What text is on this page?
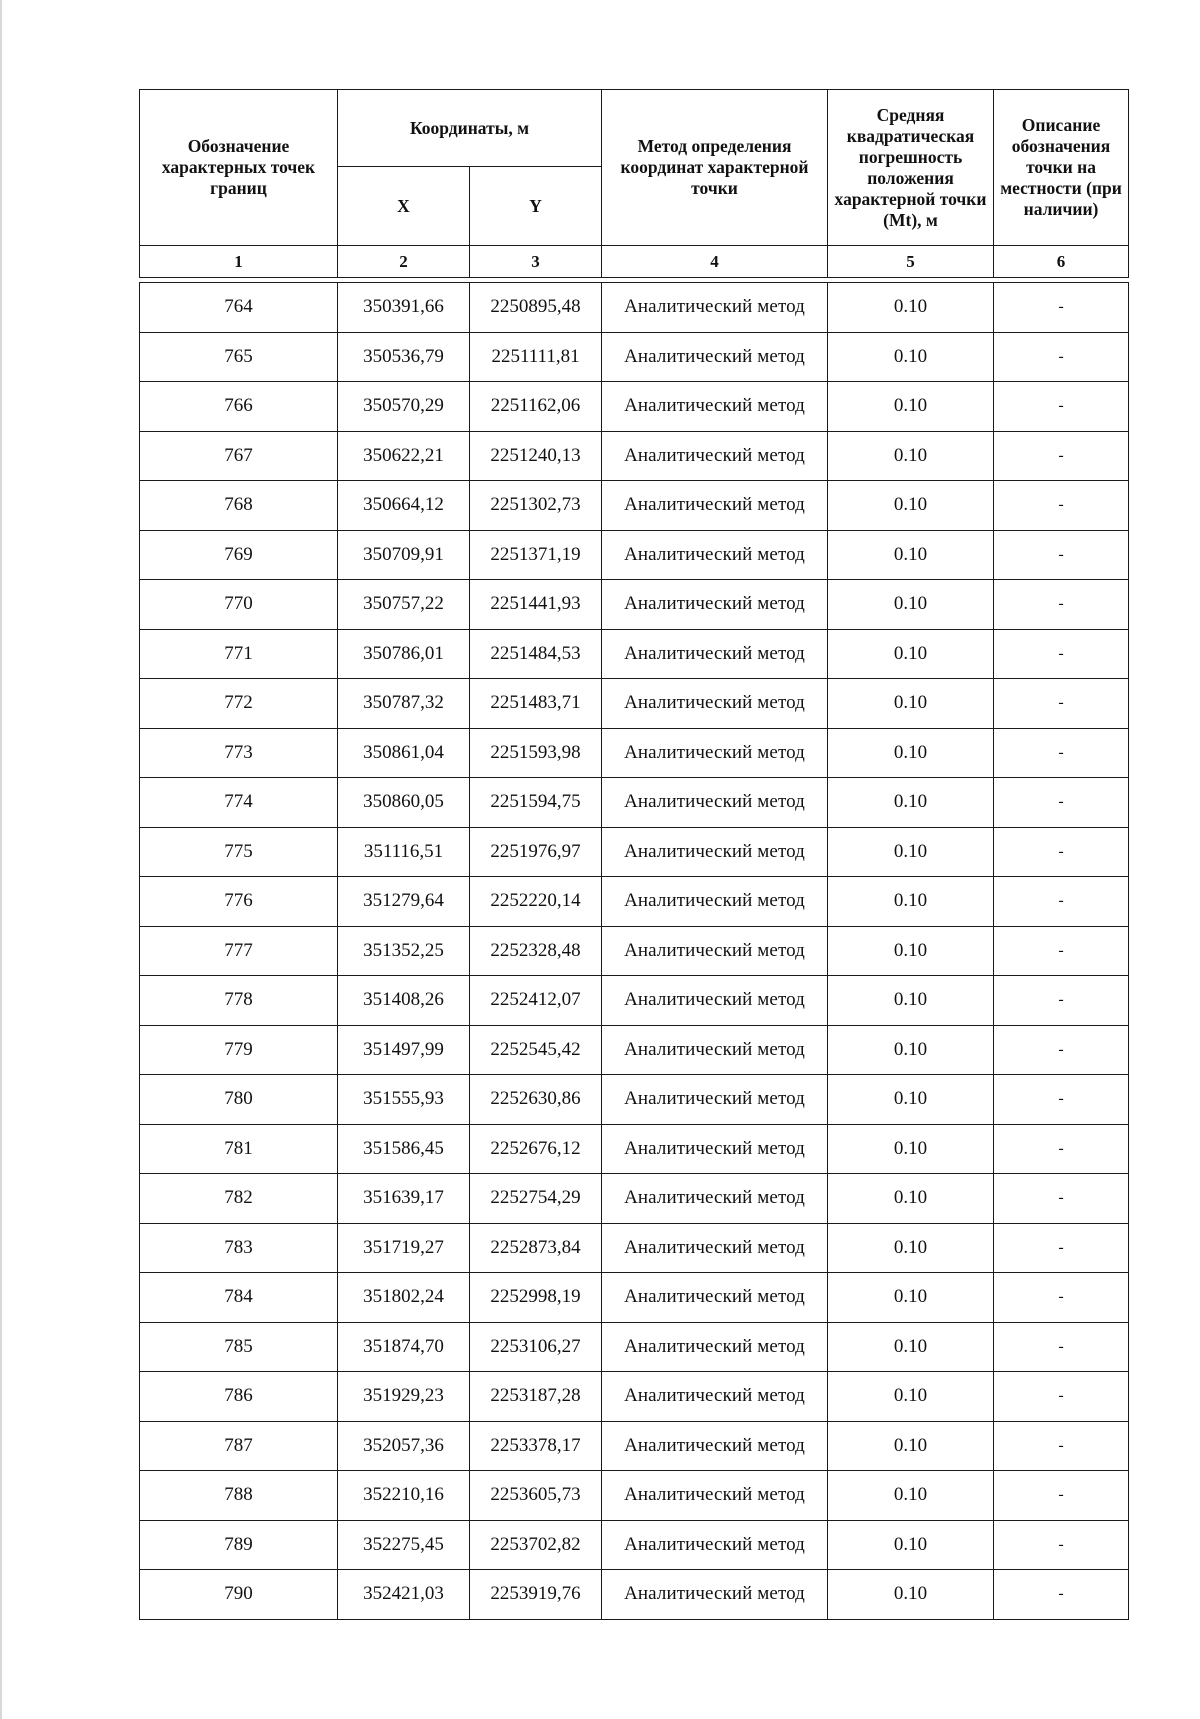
Обозначение характерных точек границ	Координаты, м		Метод определения координат характерной точки	Средняя квадратическая погрешность положения характерной точки (Mt), м	Описание обозначения точки на местности (при наличии)
	X	Y			
1	2	3	4	5	6

764	350391,66	2250895,48	Аналитический метод	0.10	-
765	350536,79	2251111,81	Аналитический метод	0.10	-
766	350570,29	2251162,06	Аналитический метод	0.10	-
767	350622,21	2251240,13	Аналитический метод	0.10	-
768	350664,12	2251302,73	Аналитический метод	0.10	-
769	350709,91	2251371,19	Аналитический метод	0.10	-
770	350757,22	2251441,93	Аналитический метод	0.10	-
771	350786,01	2251484,53	Аналитический метод	0.10	-
772	350787,32	2251483,71	Аналитический метод	0.10	-
773	350861,04	2251593,98	Аналитический метод	0.10	-
774	350860,05	2251594,75	Аналитический метод	0.10	-
775	351116,51	2251976,97	Аналитический метод	0.10	-
776	351279,64	2252220,14	Аналитический метод	0.10	-
777	351352,25	2252328,48	Аналитический метод	0.10	-
778	351408,26	2252412,07	Аналитический метод	0.10	-
779	351497,99	2252545,42	Аналитический метод	0.10	-
780	351555,93	2252630,86	Аналитический метод	0.10	-
781	351586,45	2252676,12	Аналитический метод	0.10	-
782	351639,17	2252754,29	Аналитический метод	0.10	-
783	351719,27	2252873,84	Аналитический метод	0.10	-
784	351802,24	2252998,19	Аналитический метод	0.10	-
785	351874,70	2253106,27	Аналитический метод	0.10	-
786	351929,23	2253187,28	Аналитический метод	0.10	-
787	352057,36	2253378,17	Аналитический метод	0.10	-
788	352210,16	2253605,73	Аналитический метод	0.10	-
789	352275,45	2253702,82	Аналитический метод	0.10	-
790	352421,03	2253919,76	Аналитический метод	0.10	-
